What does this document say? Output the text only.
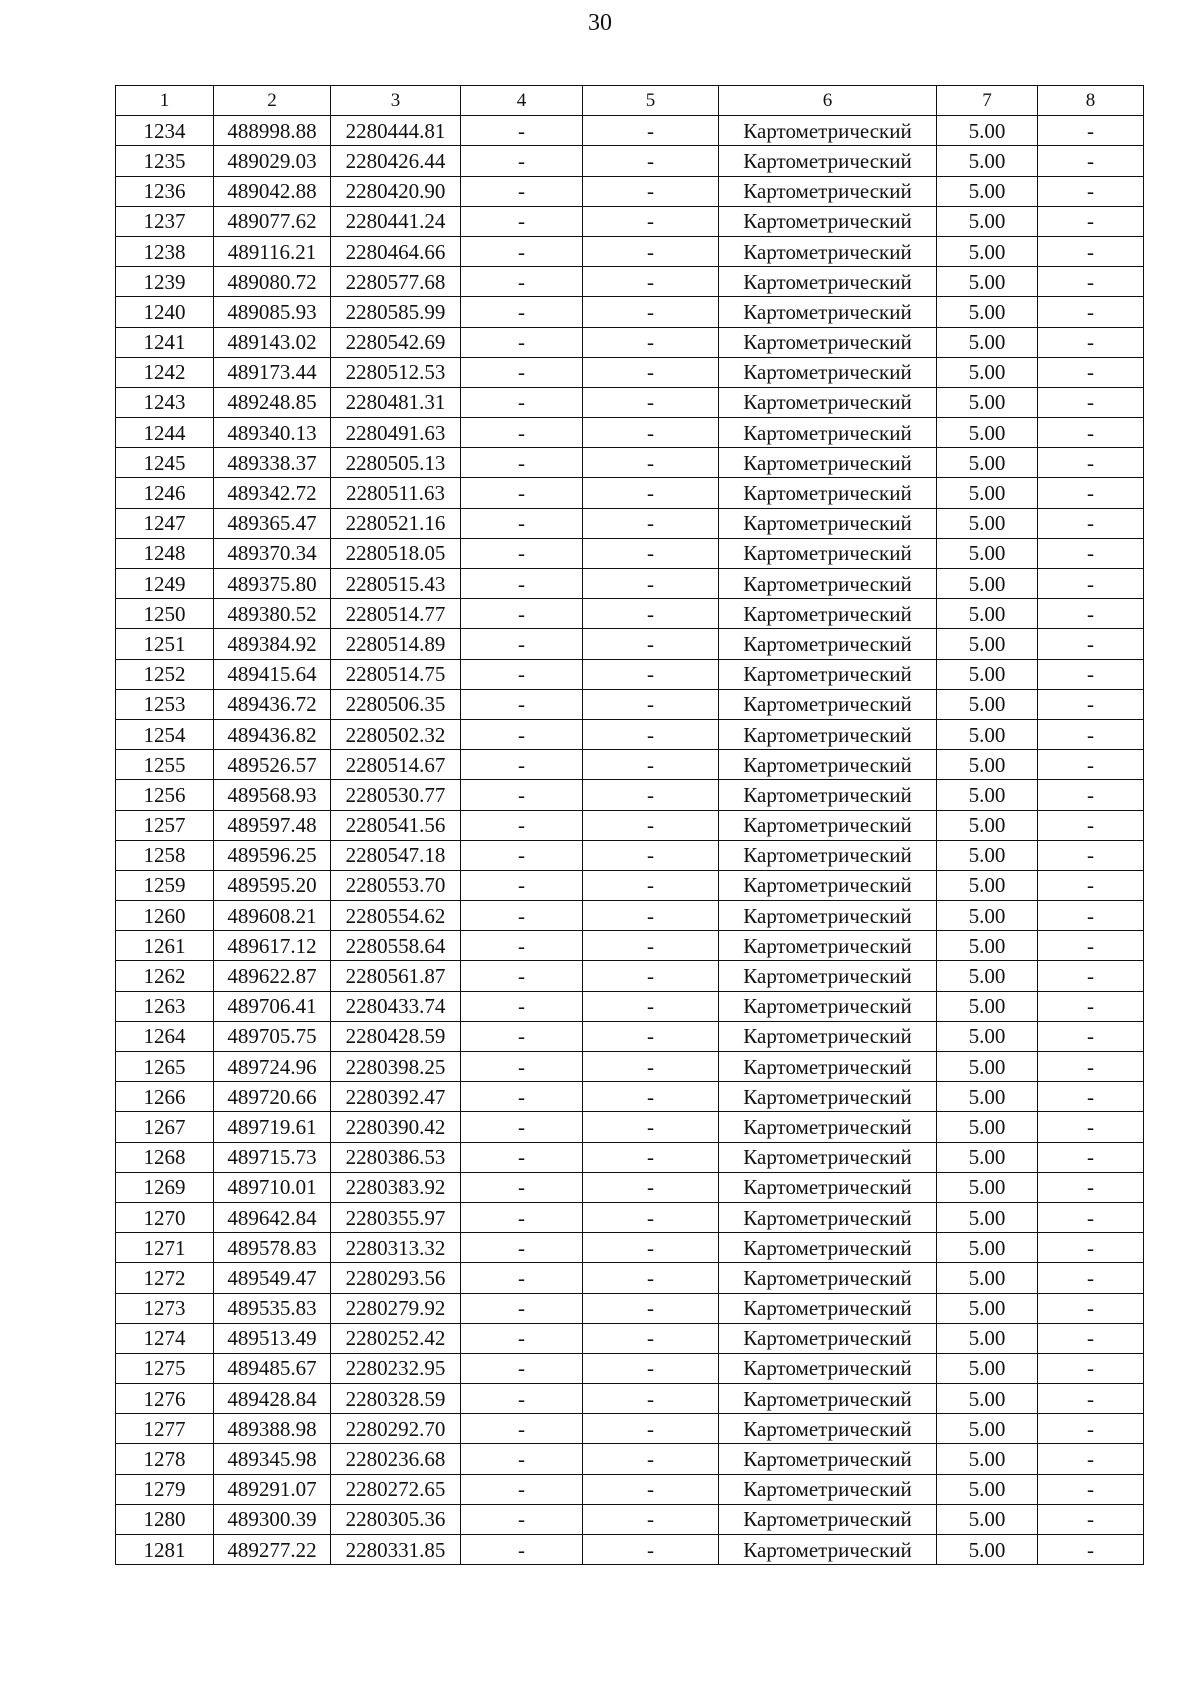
30
1	2	3	4	5	6	7	8
1234	488998.88	2280444.81	-	-	Картометрический	5.00	-
1235	489029.03	2280426.44	-	-	Картометрический	5.00	-
1236	489042.88	2280420.90	-	-	Картометрический	5.00	-
1237	489077.62	2280441.24	-	-	Картометрический	5.00	-
1238	489116.21	2280464.66	-	-	Картометрический	5.00	-
1239	489080.72	2280577.68	-	-	Картометрический	5.00	-
1240	489085.93	2280585.99	-	-	Картометрический	5.00	-
1241	489143.02	2280542.69	-	-	Картометрический	5.00	-
1242	489173.44	2280512.53	-	-	Картометрический	5.00	-
1243	489248.85	2280481.31	-	-	Картометрический	5.00	-
1244	489340.13	2280491.63	-	-	Картометрический	5.00	-
1245	489338.37	2280505.13	-	-	Картометрический	5.00	-
1246	489342.72	2280511.63	-	-	Картометрический	5.00	-
1247	489365.47	2280521.16	-	-	Картометрический	5.00	-
1248	489370.34	2280518.05	-	-	Картометрический	5.00	-
1249	489375.80	2280515.43	-	-	Картометрический	5.00	-
1250	489380.52	2280514.77	-	-	Картометрический	5.00	-
1251	489384.92	2280514.89	-	-	Картометрический	5.00	-
1252	489415.64	2280514.75	-	-	Картометрический	5.00	-
1253	489436.72	2280506.35	-	-	Картометрический	5.00	-
1254	489436.82	2280502.32	-	-	Картометрический	5.00	-
1255	489526.57	2280514.67	-	-	Картометрический	5.00	-
1256	489568.93	2280530.77	-	-	Картометрический	5.00	-
1257	489597.48	2280541.56	-	-	Картометрический	5.00	-
1258	489596.25	2280547.18	-	-	Картометрический	5.00	-
1259	489595.20	2280553.70	-	-	Картометрический	5.00	-
1260	489608.21	2280554.62	-	-	Картометрический	5.00	-
1261	489617.12	2280558.64	-	-	Картометрический	5.00	-
1262	489622.87	2280561.87	-	-	Картометрический	5.00	-
1263	489706.41	2280433.74	-	-	Картометрический	5.00	-
1264	489705.75	2280428.59	-	-	Картометрический	5.00	-
1265	489724.96	2280398.25	-	-	Картометрический	5.00	-
1266	489720.66	2280392.47	-	-	Картометрический	5.00	-
1267	489719.61	2280390.42	-	-	Картометрический	5.00	-
1268	489715.73	2280386.53	-	-	Картометрический	5.00	-
1269	489710.01	2280383.92	-	-	Картометрический	5.00	-
1270	489642.84	2280355.97	-	-	Картометрический	5.00	-
1271	489578.83	2280313.32	-	-	Картометрический	5.00	-
1272	489549.47	2280293.56	-	-	Картометрический	5.00	-
1273	489535.83	2280279.92	-	-	Картометрический	5.00	-
1274	489513.49	2280252.42	-	-	Картометрический	5.00	-
1275	489485.67	2280232.95	-	-	Картометрический	5.00	-
1276	489428.84	2280328.59	-	-	Картометрический	5.00	-
1277	489388.98	2280292.70	-	-	Картометрический	5.00	-
1278	489345.98	2280236.68	-	-	Картометрический	5.00	-
1279	489291.07	2280272.65	-	-	Картометрический	5.00	-
1280	489300.39	2280305.36	-	-	Картометрический	5.00	-
1281	489277.22	2280331.85	-	-	Картометрический	5.00	-
